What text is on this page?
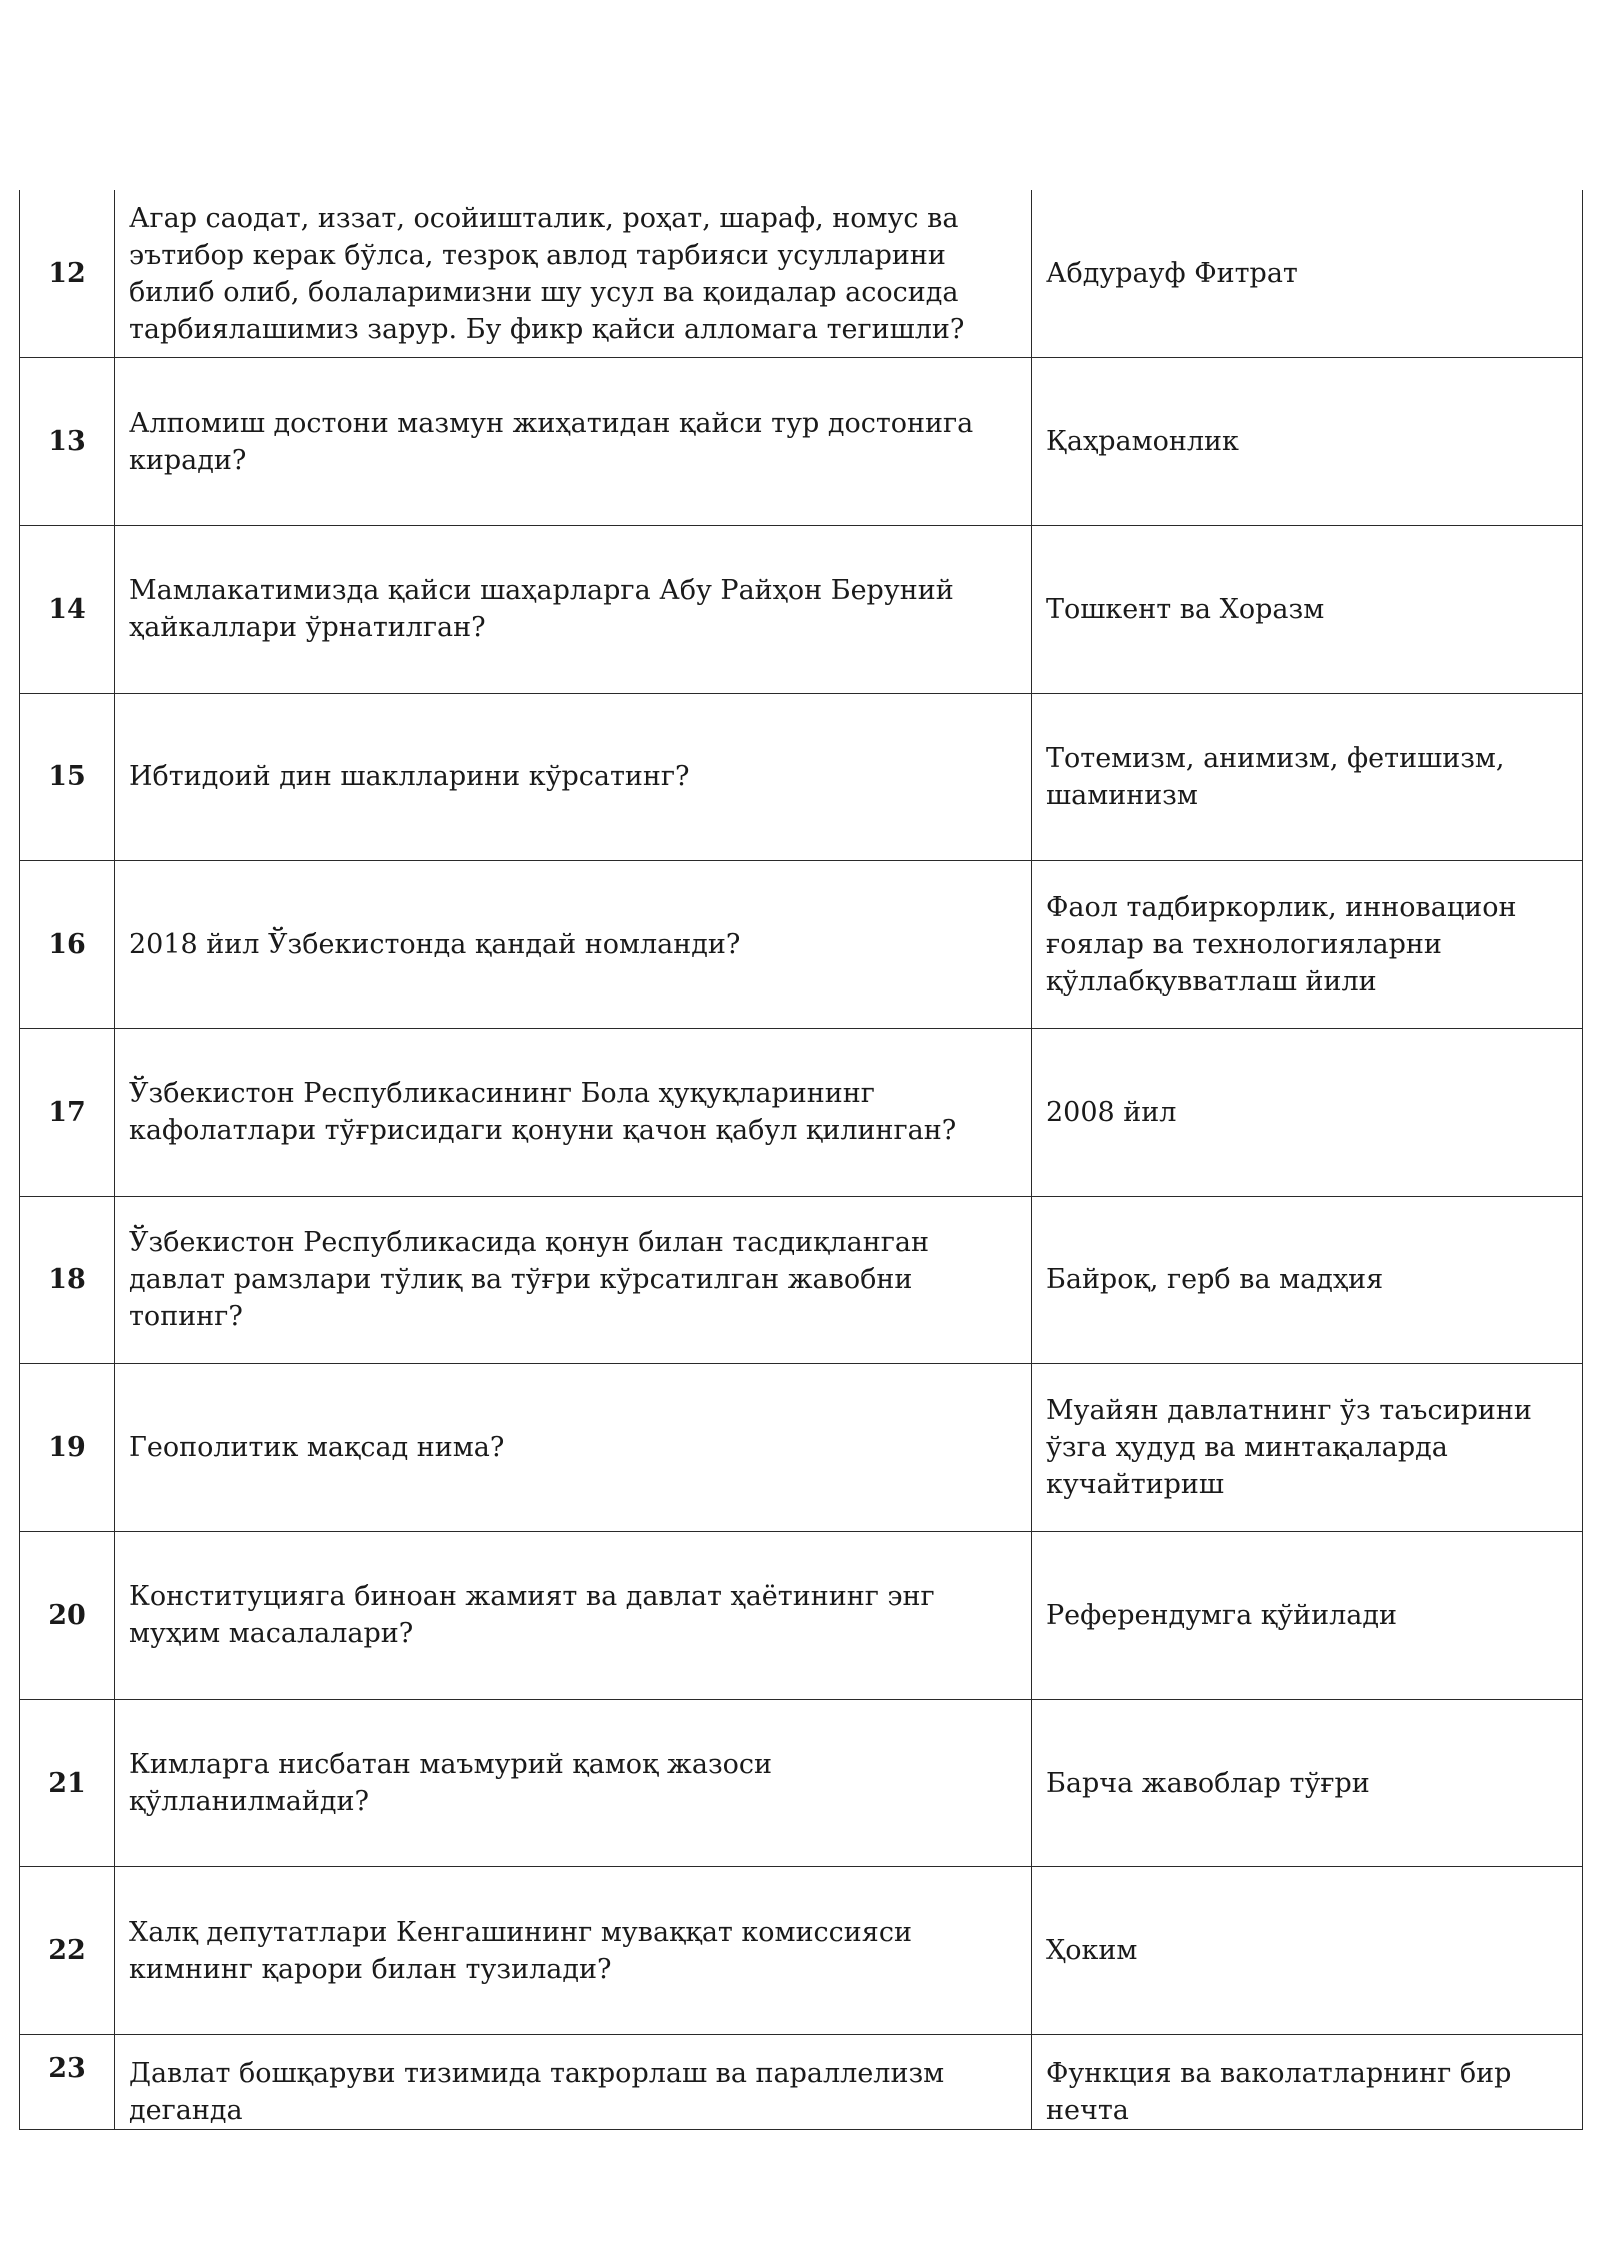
12	Агар саодат, иззат, осойишталик, роҳат, шараф, номус ва эътибор керак бўлса, тезроқ авлод тарбияси усулларини билиб олиб, болаларимизни шу усул ва қоидалар асосида тарбиялашимиз зарур. Бу фикр қайси алломага тегишли?	Абдурауф Фитрат
13	Алпомиш достони мазмун жиҳатидан қайси тур достонига киради?	Қаҳрамонлик
14	Мамлакатимизда қайси шаҳарларга Абу Райҳон Беруний ҳайкаллари ўрнатилган?	Тошкент ва Хоразм
15	Ибтидоий дин шаклларини кўрсатинг?	Тотемизм, анимизм, фетишизм, шаминизм
16	2018 йил Ўзбекистонда қандай номланди?	Фаол тадбиркорлик, инновацион ғоялар ва технологияларни қўллабқувватлаш йили
17	Ўзбекистон Республикасининг Бола ҳуқуқларининг кафолатлари тўғрисидаги қонуни қачон қабул қилинган?	2008 йил
18	Ўзбекистон Республикасида қонун билан тасдиқланган давлат рамзлари тўлиқ ва тўғри кўрсатилган жавобни топинг?	Байроқ, герб ва мадҳия
19	Геополитик мақсад нима?	Муайян давлатнинг ўз таъсирини ўзга ҳудуд ва минтақаларда кучайтириш
20	Конституцияга биноан жамият ва давлат ҳаётининг энг муҳим масалалари?	Референдумга қўйилади
21	Кимларга нисбатан маъмурий қамоқ жазоси қўлланилмайди?	Барча жавоблар тўғри
22	Халқ депутатлари Кенгашининг муваққат комиссияси кимнинг қарори билан тузилади?	Ҳоким
23	Давлат бошқаруви тизимида такрорлаш ва параллелизм деганда	Функция ва ваколатларнинг бир нечта
